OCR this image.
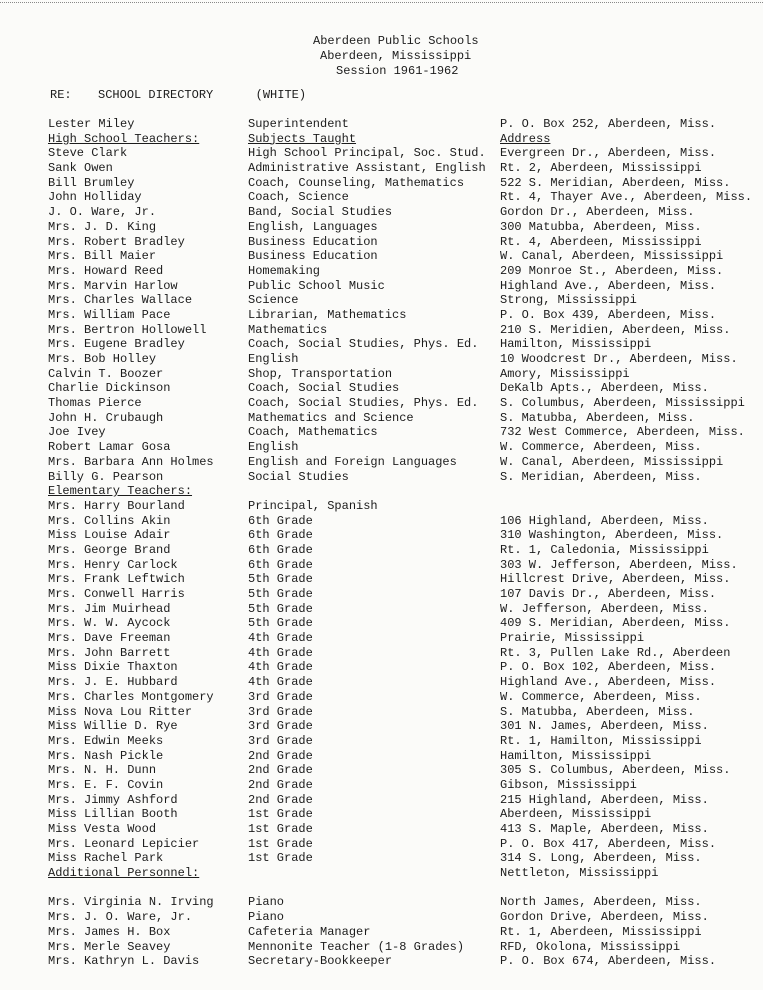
Aberdeen Public Schools
Aberdeen, Mississippi
Session 1961-1962
RE: SCHOOL DIRECTORY	(WHITE)
Lester Miley
High School Teachers:
Steve Clark
Sank Owen
Bill Brumley
John Holliday
J. O. Ware, Jr.
Mrs. J. D. King
Mrs. Robert Bradley
Mrs. Bill Maier
Mrs. Howard Reed
Mrs. Marvin Harlow
Mrs. Charles Wallace
Mrs. William Pace
Mrs. Bertron Hollowell
Mrs. Eugene Bradley
Mrs. Bob Holley
Calvin T. Boozer
Charlie Dickinson
Thomas Pierce
John H. Crubaugh
Joe Ivey
Robert Lamar Gosa
Mrs. Barbara Ann Holmes
Billy G. Pearson
Elementary Teachers:
Mrs. Harry Bourland
Mrs. Collins Akin
Miss Louise Adair
Mrs. George Brand
Mrs. Henry Carlock
Mrs. Frank Leftwich
Mrs. Conwell Harris
Mrs. Jim Muirhead
Mrs. W. W. Aycock
Mrs. Dave Freeman
Mrs. John Barrett
Miss Dixie Thaxton
Mrs. J. E. Hubbard
Mrs. Charles Montgomery
Miss Nova Lou Ritter
Miss Willie D. Rye
Mrs. Edwin Meeks
Mrs. Nash Pickle
Mrs. N. H. Dunn
Mrs. E. F. Covin
Mrs. Jimmy Ashford
Miss Lillian Booth
Miss Vesta Wood
Mrs. Leonard Lepicier
Miss Rachel Park
Additional Personnel:
Mrs. Virginia N. Irving
Mrs. J. O. Ware, Jr.
Mrs. James H. Box
Mrs. Merle Seavey
Mrs. Kathryn L. Davis
Superintendent
Subjects Taught
High School Principal, Soc. Stud.
Administrative Assistant, English
Coach, Counseling, Mathematics
Coach, Science
Band, Social Studies
English, Languages
Business Education
Business Education
Homemaking
Public School Music
Science
Librarian, Mathematics
Mathematics
Coach, Social Studies, Phys. Ed.
English
Shop, Transportation
Coach, Social Studies
Coach, Social Studies, Phys. Ed.
Mathematics and Science
Coach, Mathematics
English
English and Foreign Languages
Social Studies
Principal, Spanish
6th Grade
6th Grade
6th Grade
6th Grade
5th Grade
5th Grade
5th Grade
5th Grade
4th Grade
4th Grade
4th Grade
4th Grade
3rd Grade
3rd Grade
3rd Grade
3rd Grade
2nd Grade
2nd Grade
2nd Grade
2nd Grade
1st Grade
1st Grade
1st Grade
1st Grade
Piano
Piano
Cafeteria Manager
Mennonite Teacher (1-8 Grades)
Secretary-Bookkeeper
P. O. Box 252, Aberdeen, Miss.
Address
Evergreen Dr., Aberdeen, Miss.
Rt. 2, Aberdeen, Mississippi
522 S. Meridian, Aberdeen, Miss.
Rt. 4, Thayer Ave., Aberdeen, Miss.
Gordon Dr., Aberdeen, Miss.
300 Matubba, Aberdeen, Miss.
Rt. 4, Aberdeen, Mississippi
W. Canal, Aberdeen, Mississippi
209 Monroe St., Aberdeen, Miss.
Highland Ave., Aberdeen, Miss.
Strong, Mississippi
P. O. Box 439, Aberdeen, Miss.
210 S. Meridien, Aberdeen, Miss.
Hamilton, Mississippi
10 Woodcrest Dr., Aberdeen, Miss.
Amory, Mississippi
DeKalb Apts., Aberdeen, Miss.
S. Columbus, Aberdeen, Mississippi
S. Matubba, Aberdeen, Miss.
732 West Commerce, Aberdeen, Miss.
W. Commerce, Aberdeen, Miss.
W. Canal, Aberdeen, Mississippi
S. Meridian, Aberdeen, Miss.
106 Highland, Aberdeen, Miss.
310 Washington, Aberdeen, Miss.
Rt. 1, Caledonia, Mississippi
303 W. Jefferson, Aberdeen, Miss.
Hillcrest Drive, Aberdeen, Miss.
107 Davis Dr., Aberdeen, Miss.
W. Jefferson, Aberdeen, Miss.
409 S. Meridian, Aberdeen, Miss.
Prairie, Mississippi
Rt. 3, Pullen Lake Rd., Aberdeen
P. O. Box 102, Aberdeen, Miss.
Highland Ave., Aberdeen, Miss.
W. Commerce, Aberdeen, Miss.
S. Matubba, Aberdeen, Miss.
301 N. James, Aberdeen, Miss.
Rt. 1, Hamilton, Mississippi
Hamilton, Mississippi
305 S. Columbus, Aberdeen, Miss.
Gibson, Mississippi
215 Highland, Aberdeen, Miss.
Aberdeen, Mississippi
413 S. Maple, Aberdeen, Miss.
P. O. Box 417, Aberdeen, Miss.
314 S. Long, Aberdeen, Miss.
Nettleton, Mississippi
North James, Aberdeen, Miss.
Gordon Drive, Aberdeen, Miss.
Rt. 1, Aberdeen, Mississippi
RFD, Okolona, Mississippi
P. O. Box 674, Aberdeen, Miss.
